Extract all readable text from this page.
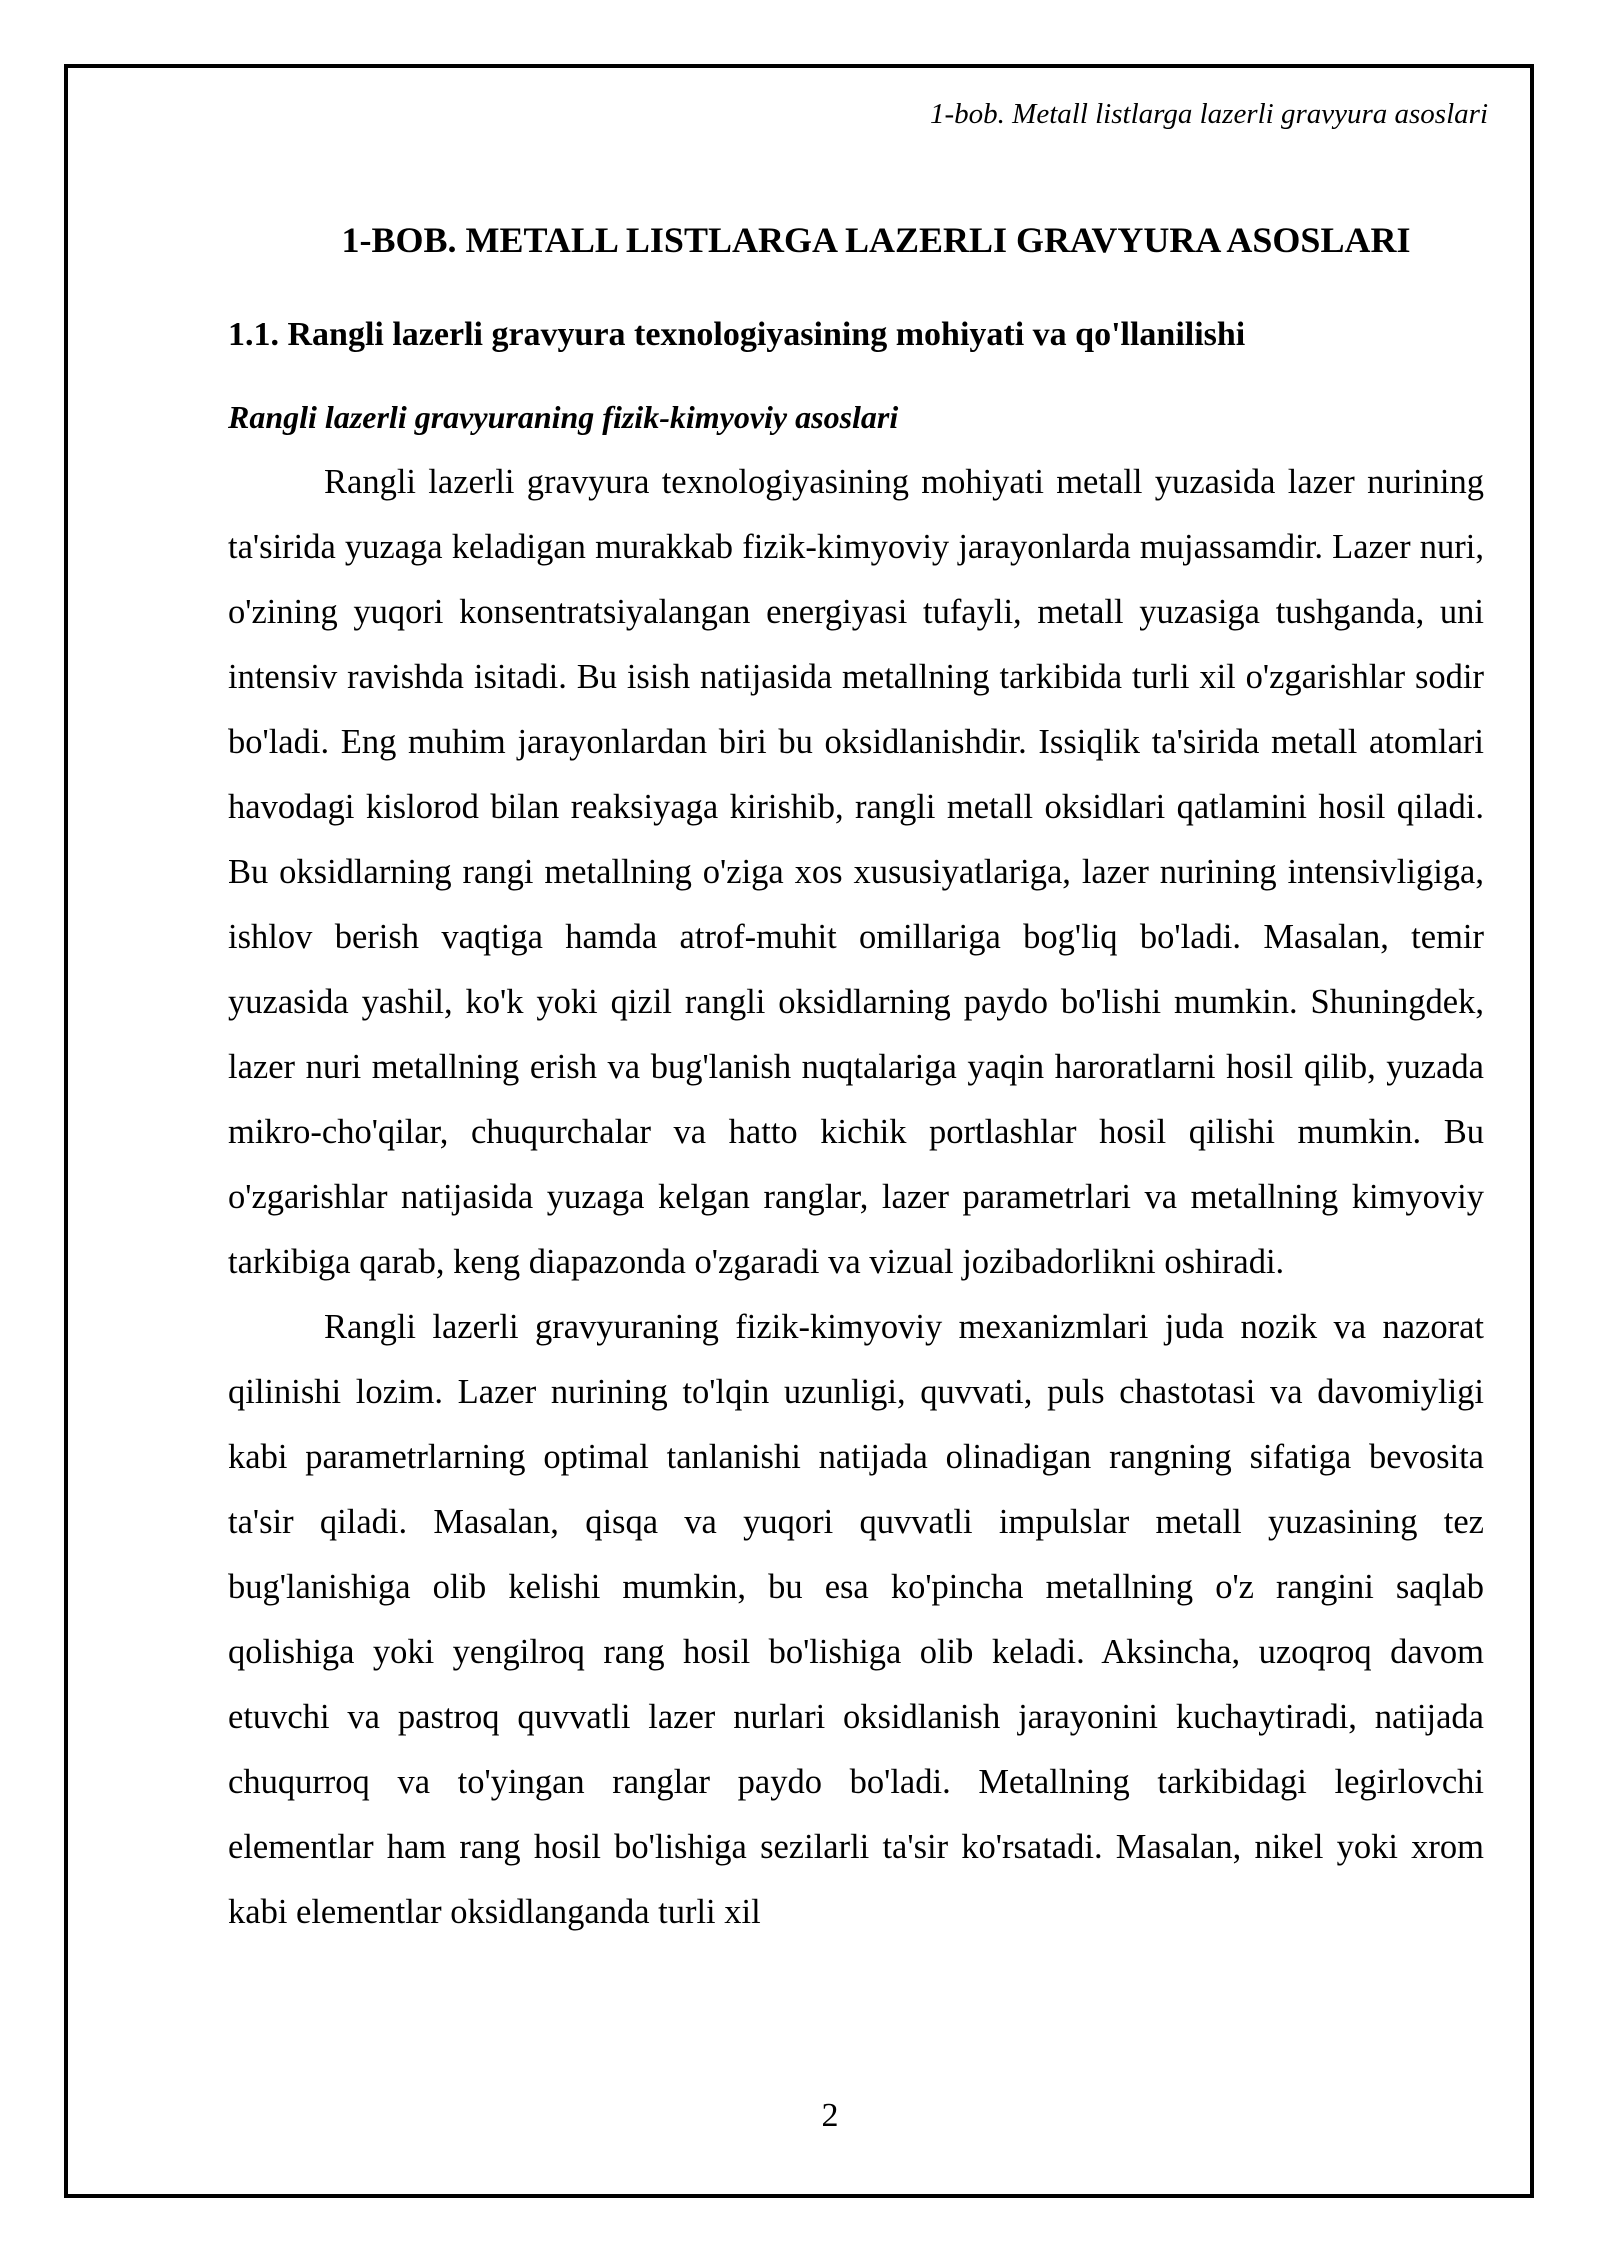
1-bob. Metall listlarga lazerli gravyura asoslari
1-BOB. METALL LISTLARGA LAZERLI GRAVYURA ASOSLARI
1.1. Rangli lazerli gravyura texnologiyasining mohiyati va qo'llanilishi
Rangli lazerli gravyuraning fizik-kimyoviy asoslari

Rangli lazerli gravyura texnologiyasining mohiyati metall yuzasida lazer nurining ta'sirida yuzaga keladigan murakkab fizik-kimyoviy jarayonlarda mujassamdir. Lazer nuri, o'zining yuqori konsentratsiyalangan energiyasi tufayli, metall yuzasiga tushganda, uni intensiv ravishda isitadi. Bu isish natijasida metallning tarkibida turli xil o'zgarishlar sodir bo'ladi. Eng muhim jarayonlardan biri bu oksidlanishdir. Issiqlik ta'sirida metall atomlari havodagi kislorod bilan reaksiyaga kirishib, rangli metall oksidlari qatlamini hosil qiladi. Bu oksidlarning rangi metallning o'ziga xos xususiyatlariga, lazer nurining intensivligiga, ishlov berish vaqtiga hamda atrof-muhit omillariga bog'liq bo'ladi. Masalan, temir yuzasida yashil, ko'k yoki qizil rangli oksidlarning paydo bo'lishi mumkin. Shuningdek, lazer nuri metallning erish va bug'lanish nuqtalariga yaqin haroratlarni hosil qilib, yuzada mikro-cho'qilar, chuqurchalar va hatto kichik portlashlar hosil qilishi mumkin. Bu o'zgarishlar natijasida yuzaga kelgan ranglar, lazer parametrlari va metallning kimyoviy tarkibiga qarab, keng diapazonda o'zgaradi va vizual jozibadorlikni oshiradi.

Rangli lazerli gravyuraning fizik-kimyoviy mexanizmlari juda nozik va nazorat qilinishi lozim. Lazer nurining to'lqin uzunligi, quvvati, puls chastotasi va davomiyligi kabi parametrlarning optimal tanlanishi natijada olinadigan rangning sifatiga bevosita ta'sir qiladi. Masalan, qisqa va yuqori quvvatli impulslar metall yuzasining tez bug'lanishiga olib kelishi mumkin, bu esa ko'pincha metallning o'z rangini saqlab qolishiga yoki yengilroq rang hosil bo'lishiga olib keladi. Aksincha, uzoqroq davom etuvchi va pastroq quvvatli lazer nurlari oksidlanish jarayonini kuchaytiradi, natijada chuqurroq va to'yingan ranglar paydo bo'ladi. Metallning tarkibidagi legirlovchi elementlar ham rang hosil bo'lishiga sezilarli ta'sir ko'rsatadi. Masalan, nikel yoki xrom kabi elementlar oksidlanganda turli xil

2
